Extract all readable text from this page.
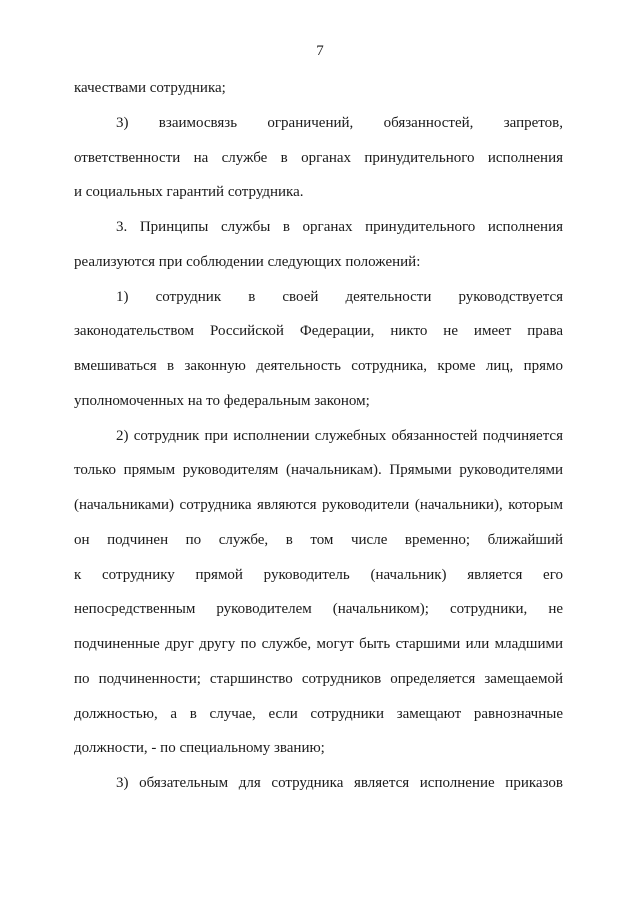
7
качествами сотрудника;
3) взаимосвязь ограничений, обязанностей, запретов,
ответственности на службе в органах принудительного исполнения
и социальных гарантий сотрудника.
3. Принципы службы в органах принудительного исполнения
реализуются при соблюдении следующих положений:
1) сотрудник в своей деятельности руководствуется
законодательством Российской Федерации, никто не имеет права
вмешиваться в законную деятельность сотрудника, кроме лиц, прямо
уполномоченных на то федеральным законом;
2) сотрудник при исполнении служебных обязанностей подчиняется
только прямым руководителям (начальникам). Прямыми руководителями
(начальниками) сотрудника являются руководители (начальники), которым
он подчинен по службе, в том числе временно; ближайший
к сотруднику прямой руководитель (начальник) является его
непосредственным руководителем (начальником); сотрудники, не
подчиненные друг другу по службе, могут быть старшими или младшими
по подчиненности; старшинство сотрудников определяется замещаемой
должностью, а в случае, если сотрудники замещают равнозначные
должности, - по специальному званию;
3) обязательным для сотрудника является исполнение приказов
